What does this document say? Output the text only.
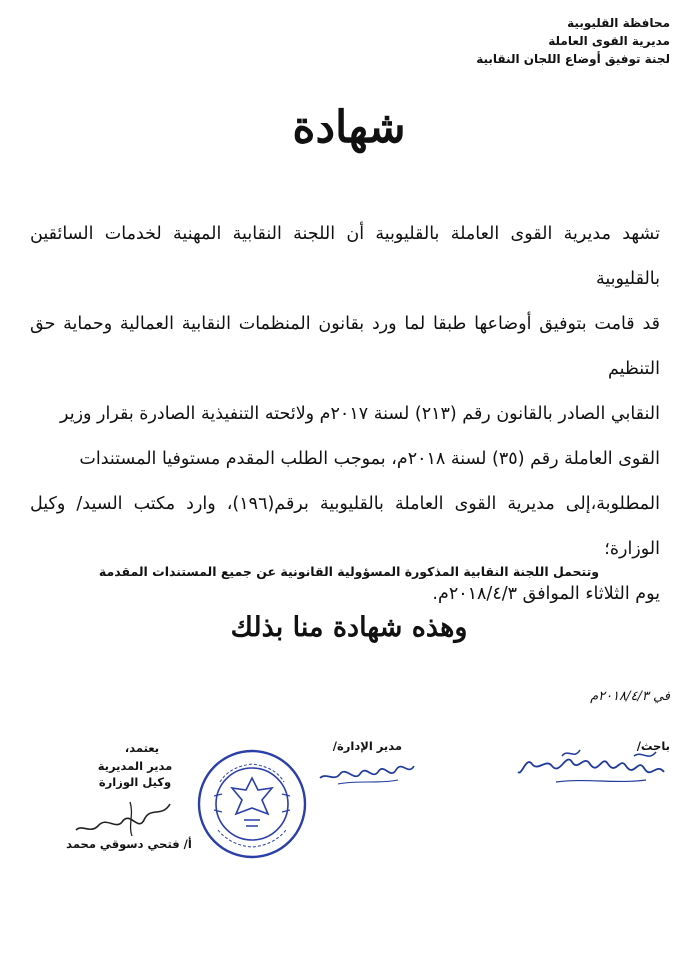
محافظة القليوبية
مديرية القوى العاملة
لجنة توفيق أوضاع اللجان النقابية
شهادة

تشهد مديرية القوى العاملة بالقليوبية أن اللجنة النقابية المهنية لخدمات السائقين بالقليوبية

قد قامت بتوفيق أوضاعها طبقا لما ورد بقانون المنظمات النقابية العمالية وحماية حق التنظيم

النقابي الصادر بالقانون رقم (٢١٣) لسنة ٢٠١٧م ولائحته التنفيذية الصادرة بقرار وزير

القوى العاملة رقم (٣٥) لسنة ٢٠١٨م، بموجب الطلب المقدم مستوفيا المستندات

المطلوبة،إلى مديرية القوى العاملة بالقليوبية برقم(١٩٦)، وارد مكتب السيد/ وكيل الوزارة؛

يوم الثلاثاء الموافق ٢٠١٨/٤/٣م.

وتتحمل اللجنة النقابية المذكورة المسؤولية القانونية عن جميع المستندات المقدمة
وهذه شهادة منا بذلك
في ٢٠١٨/٤/٣م
باحث/
مدير الإدارة/
يعتمد،
مدير المديرية
وكيل الوزارة
أ/ فتحي دسوقي محمد
